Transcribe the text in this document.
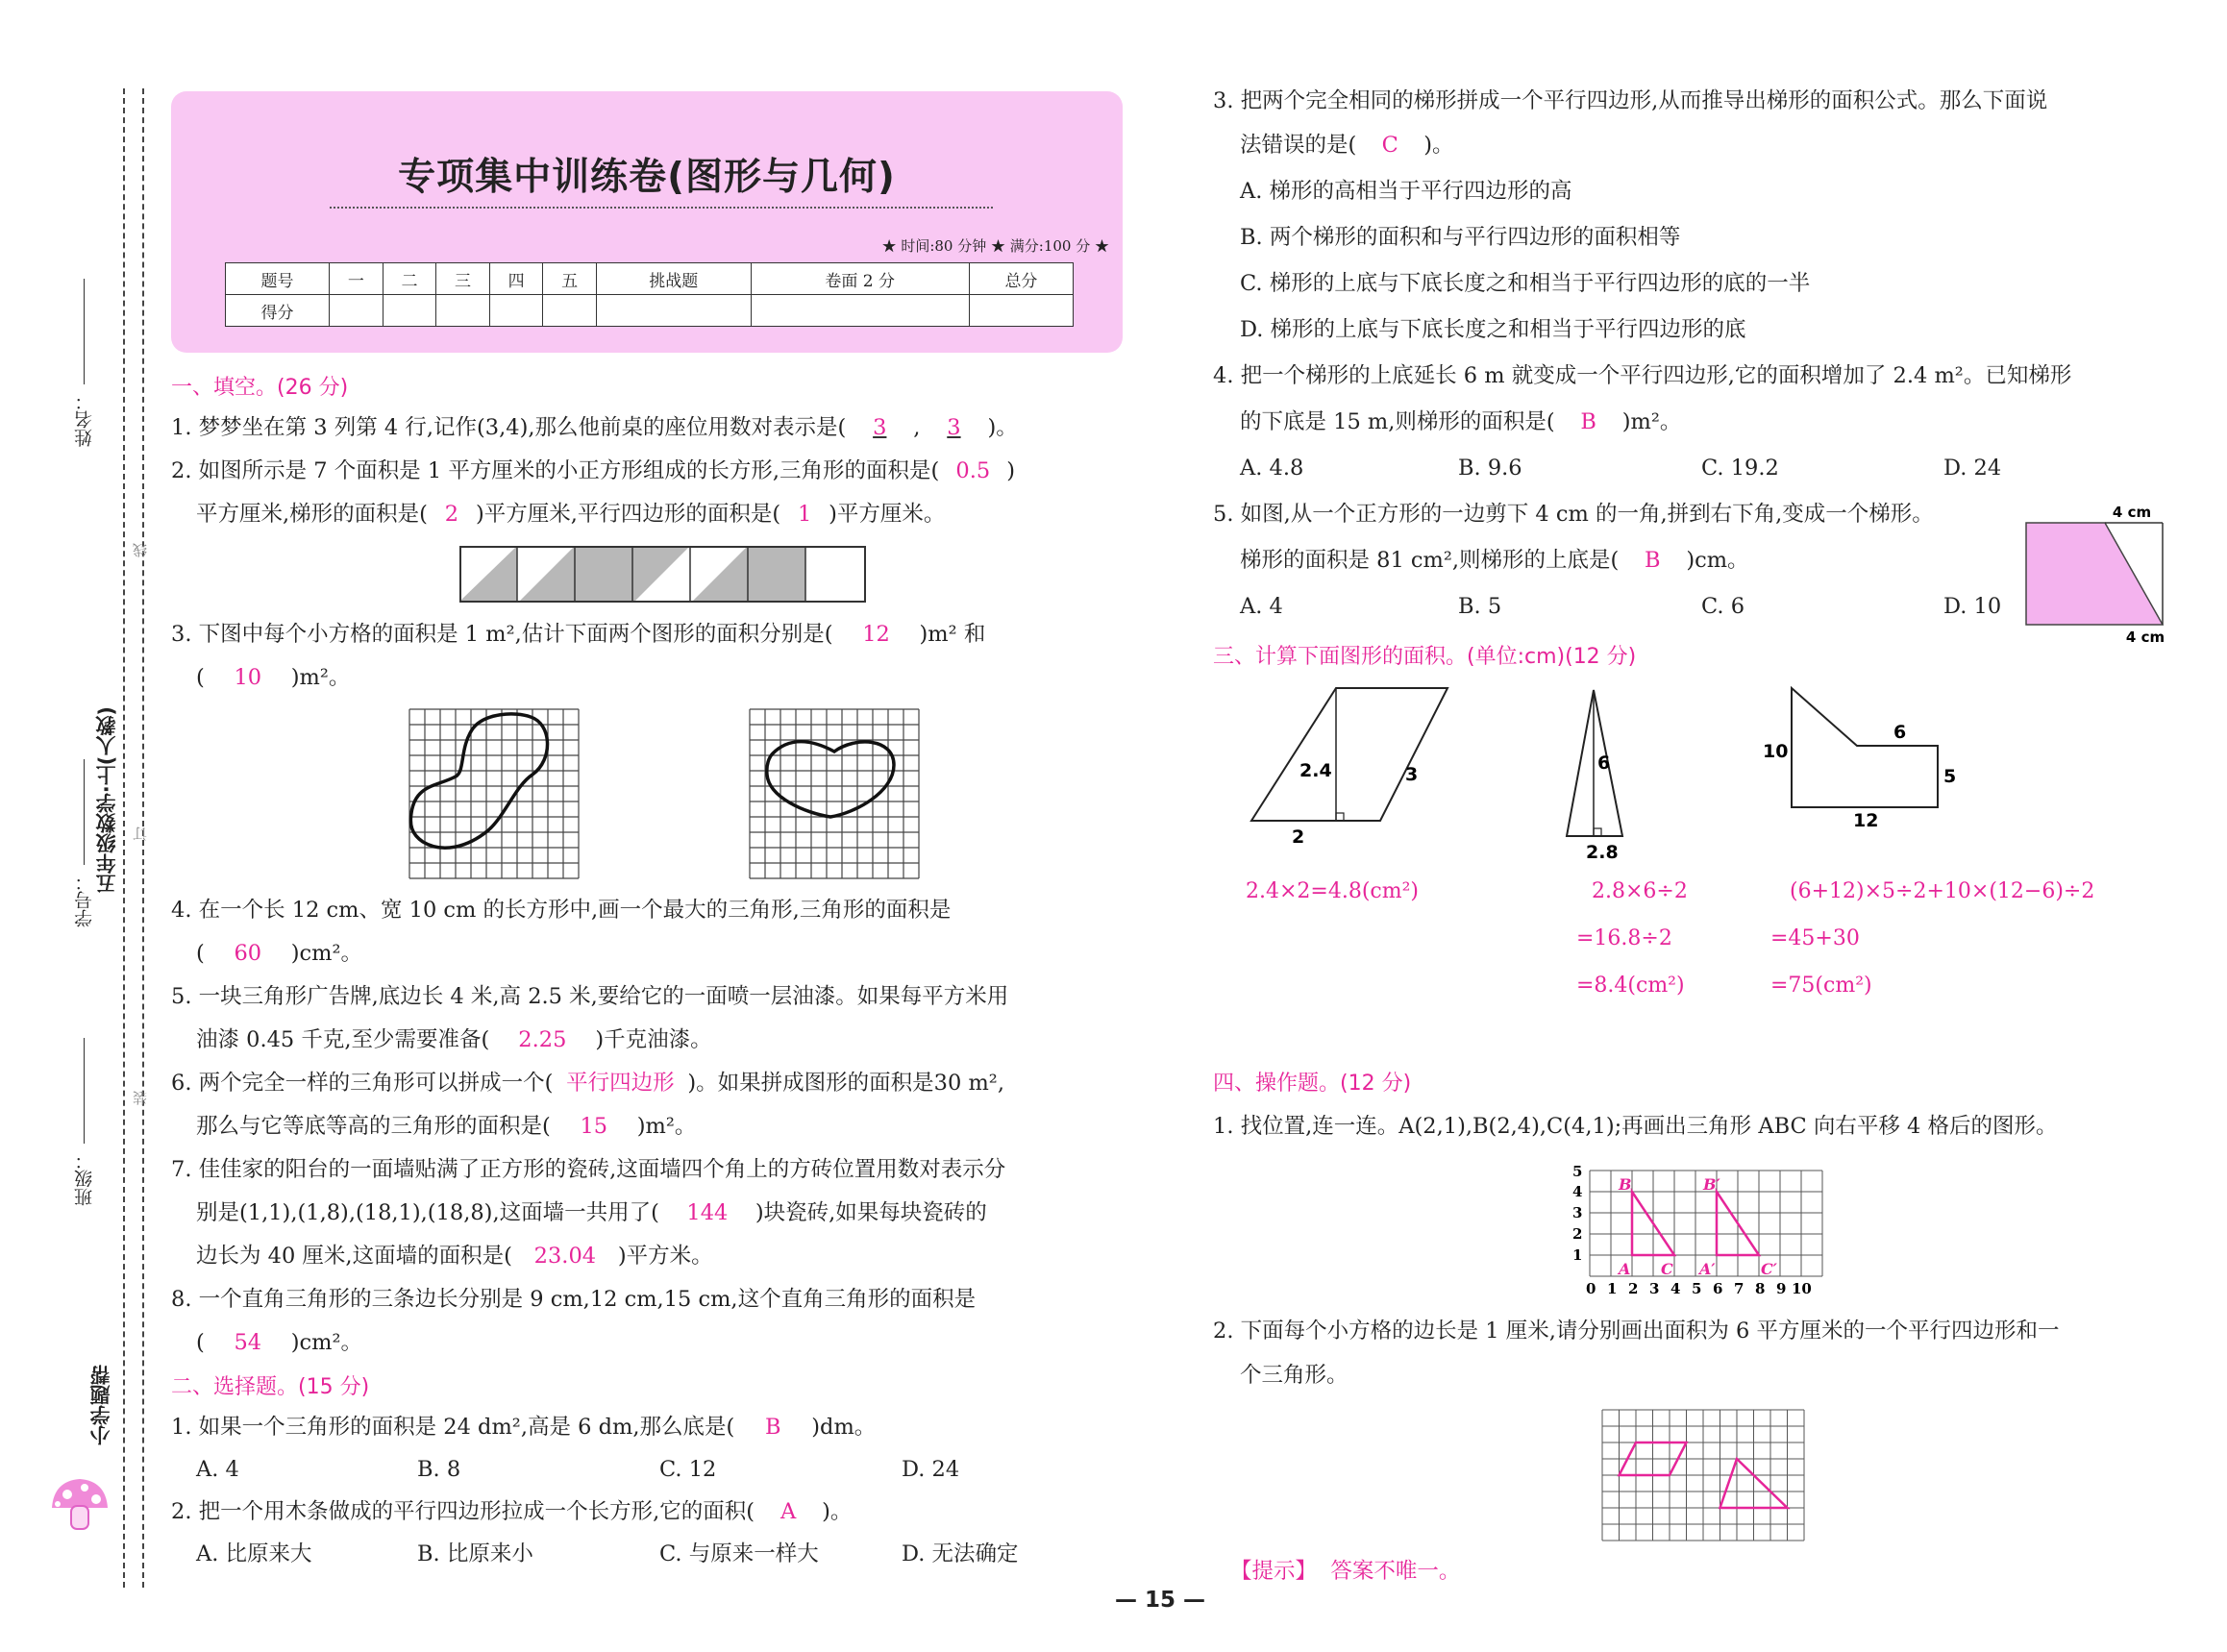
姓名：
班级：
学号：
五年级数学·上(人教)
小学题帮
线
订
装
专项集中训练卷(图形与几何)
★ 时间:80 分钟 ★ 满分:100 分 ★
题号	一	二	三	四	五	挑战题	卷面 2 分	总分
得分								
一、填空。(26 分)
1. 梦梦坐在第 3 列第 4 行,记作(3,4),那么他前桌的座位用数对表示是( 3 , 3 )。
2. 如图所示是 7 个面积是 1 平方厘米的小正方形组成的长方形,三角形的面积是( 0.5 )
平方厘米,梯形的面积是( 2 )平方厘米,平行四边形的面积是( 1 )平方厘米。
3. 下图中每个小方格的面积是 1 m²,估计下面两个图形的面积分别是( 12 )m² 和
( 10 )m²。
4. 在一个长 12 cm、宽 10 cm 的长方形中,画一个最大的三角形,三角形的面积是
( 60 )cm²。
5. 一块三角形广告牌,底边长 4 米,高 2.5 米,要给它的一面喷一层油漆。如果每平方米用
油漆 0.45 千克,至少需要准备( 2.25 )千克油漆。
6. 两个完全一样的三角形可以拼成一个( 平行四边形 )。如果拼成图形的面积是30 m²,
那么与它等底等高的三角形的面积是( 15 )m²。
7. 佳佳家的阳台的一面墙贴满了正方形的瓷砖,这面墙四个角上的方砖位置用数对表示分
别是(1,1),(1,8),(18,1),(18,8),这面墙一共用了( 144 )块瓷砖,如果每块瓷砖的
边长为 40 厘米,这面墙的面积是( 23.04 )平方米。
8. 一个直角三角形的三条边长分别是 9 cm,12 cm,15 cm,这个直角三角形的面积是
( 54 )cm²。
二、选择题。(15 分)
1. 如果一个三角形的面积是 24 dm²,高是 6 dm,那么底是( B )dm。
A. 4	B. 8	C. 12	D. 24
2. 把一个用木条做成的平行四边形拉成一个长方形,它的面积( A )。
A. 比原来大	B. 比原来小	C. 与原来一样大	D. 无法确定
3. 把两个完全相同的梯形拼成一个平行四边形,从而推导出梯形的面积公式。那么下面说
法错误的是( C )。
A. 梯形的高相当于平行四边形的高
B. 两个梯形的面积和与平行四边形的面积相等
C. 梯形的上底与下底长度之和相当于平行四边形的底的一半
D. 梯形的上底与下底长度之和相当于平行四边形的底
4. 把一个梯形的上底延长 6 m 就变成一个平行四边形,它的面积增加了 2.4 m²。已知梯形
的下底是 15 m,则梯形的面积是( B )m²。
A. 4.8	B. 9.6	C. 19.2	D. 24
5. 如图,从一个正方形的一边剪下 4 cm 的一角,拼到右下角,变成一个梯形。
梯形的面积是 81 cm²,则梯形的上底是( B )cm。
A. 4	B. 5	C. 6	D. 10
4 cm
4 cm
三、计算下面图形的面积。(单位:cm)(12 分)
2.4	3
2
6
2.8
10
6
5
12
2.4×2=4.8(cm²)	2.8×6÷2
=16.8÷2
=8.4(cm²)
(6+12)×5÷2+10×(12−6)÷2
=45+30
=75(cm²)
四、操作题。(12 分)
1. 找位置,连一连。A(2,1),B(2,4),C(4,1);再画出三角形 ABC 向右平移 4 格后的图形。
5
4
3
2
1
0 1 2 3 4 5 6 7 8 9 10
A
B
C A′
B′
C′
2. 下面每个小方格的边长是 1 厘米,请分别画出面积为 6 平方厘米的一个平行四边形和一
个三角形。
【提示】 答案不唯一。
— 15 —
